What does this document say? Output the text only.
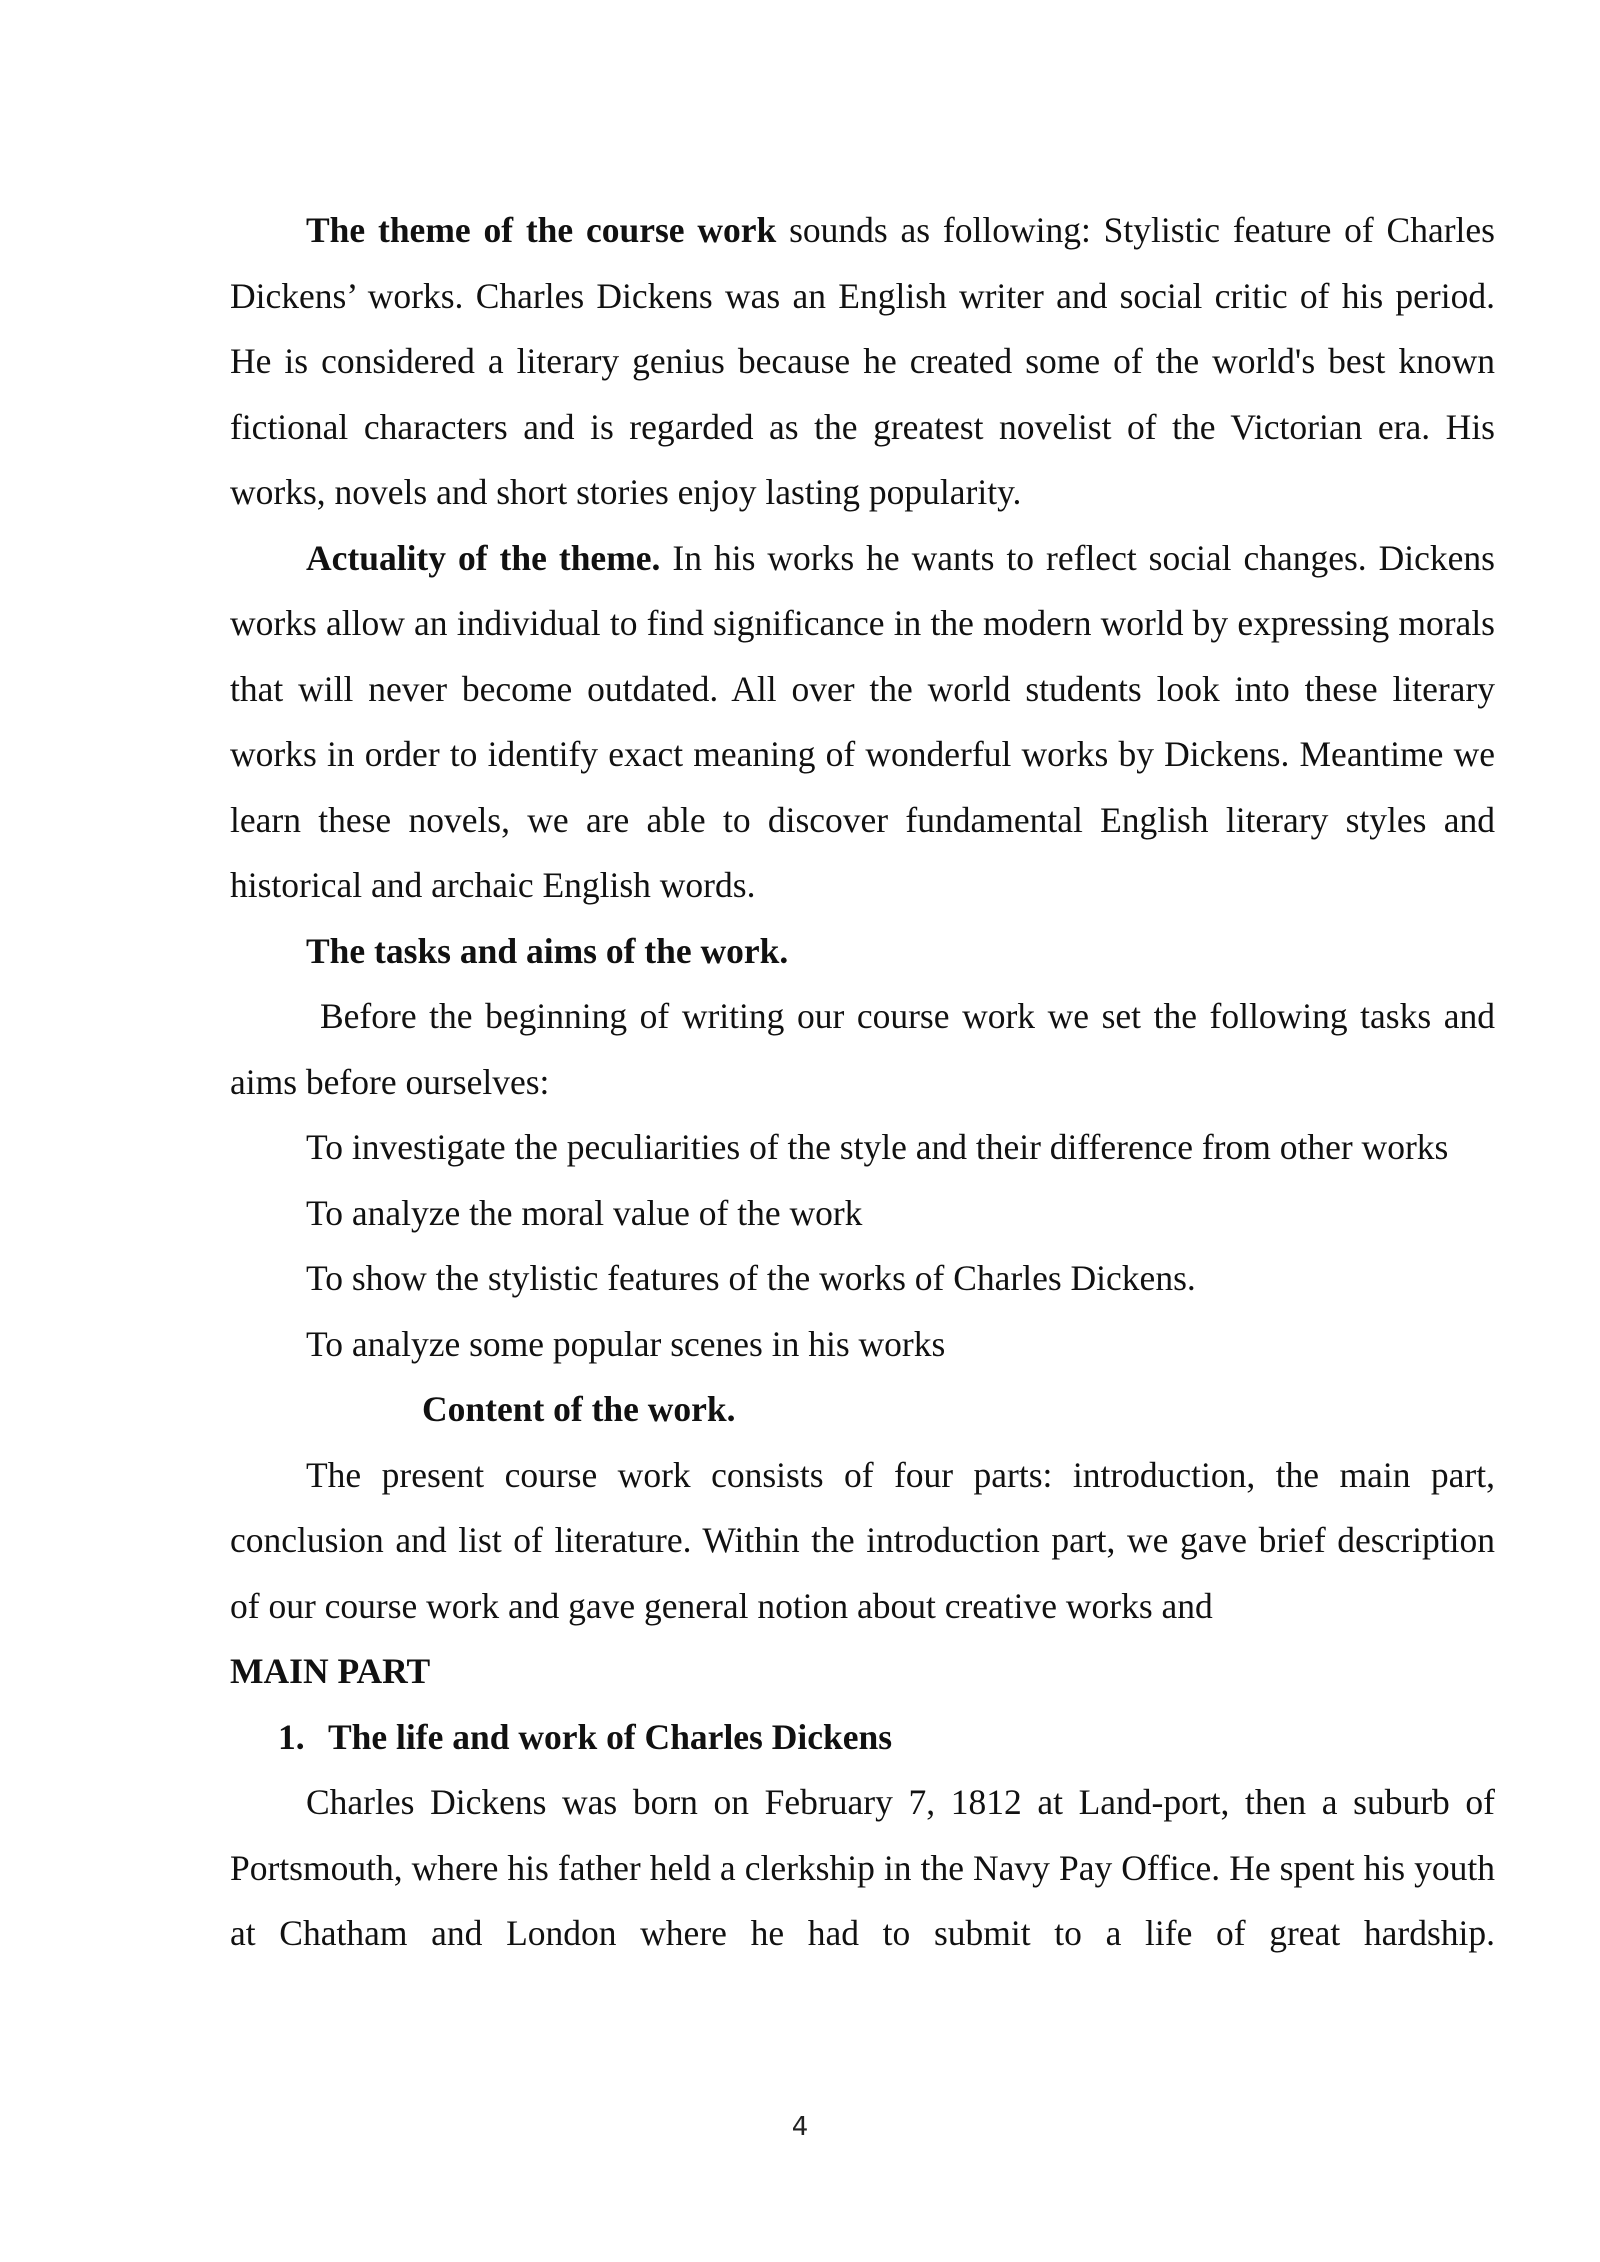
The theme of the course work sounds as following: Stylistic feature of Charles Dickens’ works. Charles Dickens was an English writer and social critic of his period. He is considered a literary genius because he created some of the world's best known fictional characters and is regarded as the greatest novelist of the Victorian era. His works, novels and short stories enjoy lasting popularity.

Actuality of the theme. In his works he wants to reflect social changes. Dickens works allow an individual to find significance in the modern world by expressing morals that will never become outdated. All over the world students look into these literary works in order to identify exact meaning of wonderful works by Dickens. Meantime we learn these novels, we are able to discover fundamental English literary styles and historical and archaic English words.

The tasks and aims of the work.

Before the beginning of writing our course work we set the following tasks and aims before ourselves:

To investigate the peculiarities of the style and their difference from other works

To analyze the moral value of the work

To show the stylistic features of the works of Charles Dickens.

To analyze some popular scenes in his works

Content of the work.

The present course work consists of four parts: introduction, the main part, conclusion and list of literature. Within the introduction part, we gave brief description of our course work and gave general notion about creative works and

MAIN PART

1. The life and work of Charles Dickens

Charles Dickens was born on February 7, 1812 at Land-port, then a suburb of Portsmouth, where his father held a clerkship in the Navy Pay Office. He spent his youth at Chatham and London where he had to submit to a life of great hardship.

4
